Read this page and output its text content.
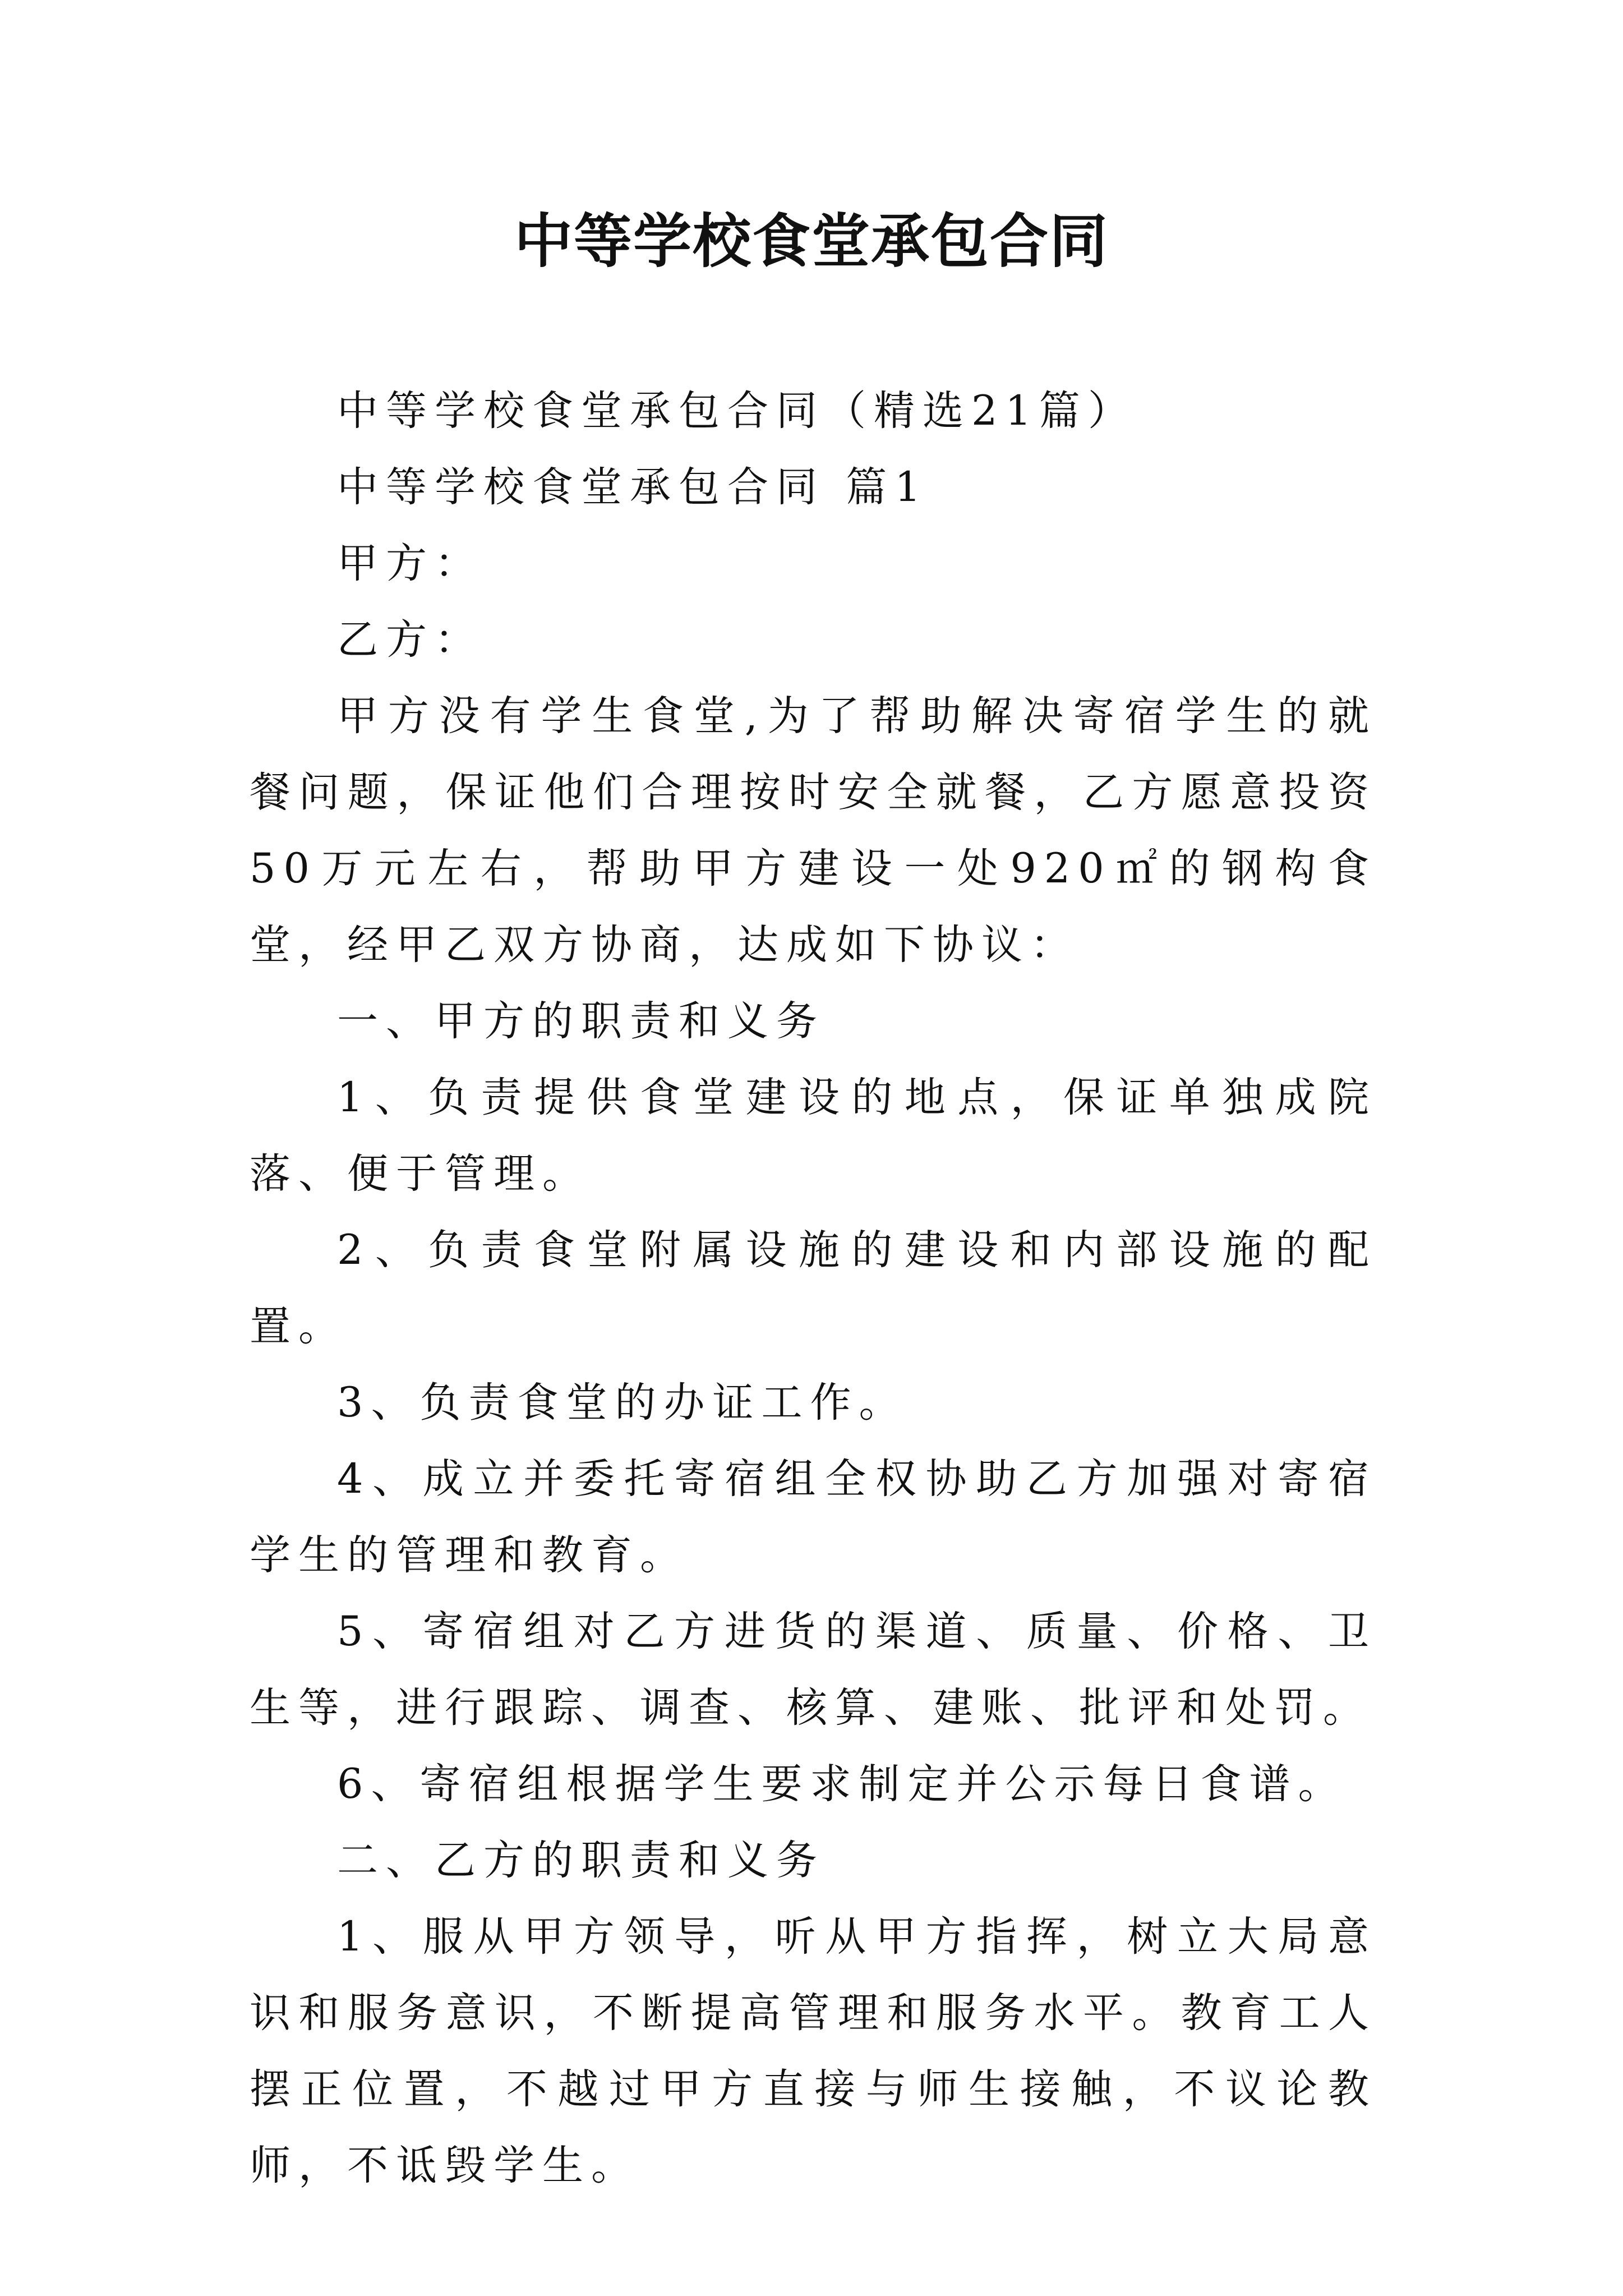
中等学校食堂承包合同

中等学校食堂承包合同（精选21篇）

中等学校食堂承包合同 篇1

甲方：

乙方：

甲方没有学生食堂,为了帮助解决寄宿学生的就餐问题，保证他们合理按时安全就餐，乙方愿意投资50万元左右，帮助甲方建设一处920㎡的钢构食堂，经甲乙双方协商，达成如下协议：

一、甲方的职责和义务

1、负责提供食堂建设的地点，保证单独成院落、便于管理。

2、负责食堂附属设施的建设和内部设施的配置。

3、负责食堂的办证工作。

4、成立并委托寄宿组全权协助乙方加强对寄宿学生的管理和教育。

5、寄宿组对乙方进货的渠道、质量、价格、卫生等，进行跟踪、调查、核算、建账、批评和处罚。

6、寄宿组根据学生要求制定并公示每日食谱。

二、乙方的职责和义务

1、服从甲方领导，听从甲方指挥，树立大局意识和服务意识，不断提高管理和服务水平。教育工人摆正位置，不越过甲方直接与师生接触，不议论教师，不诋毁学生。
